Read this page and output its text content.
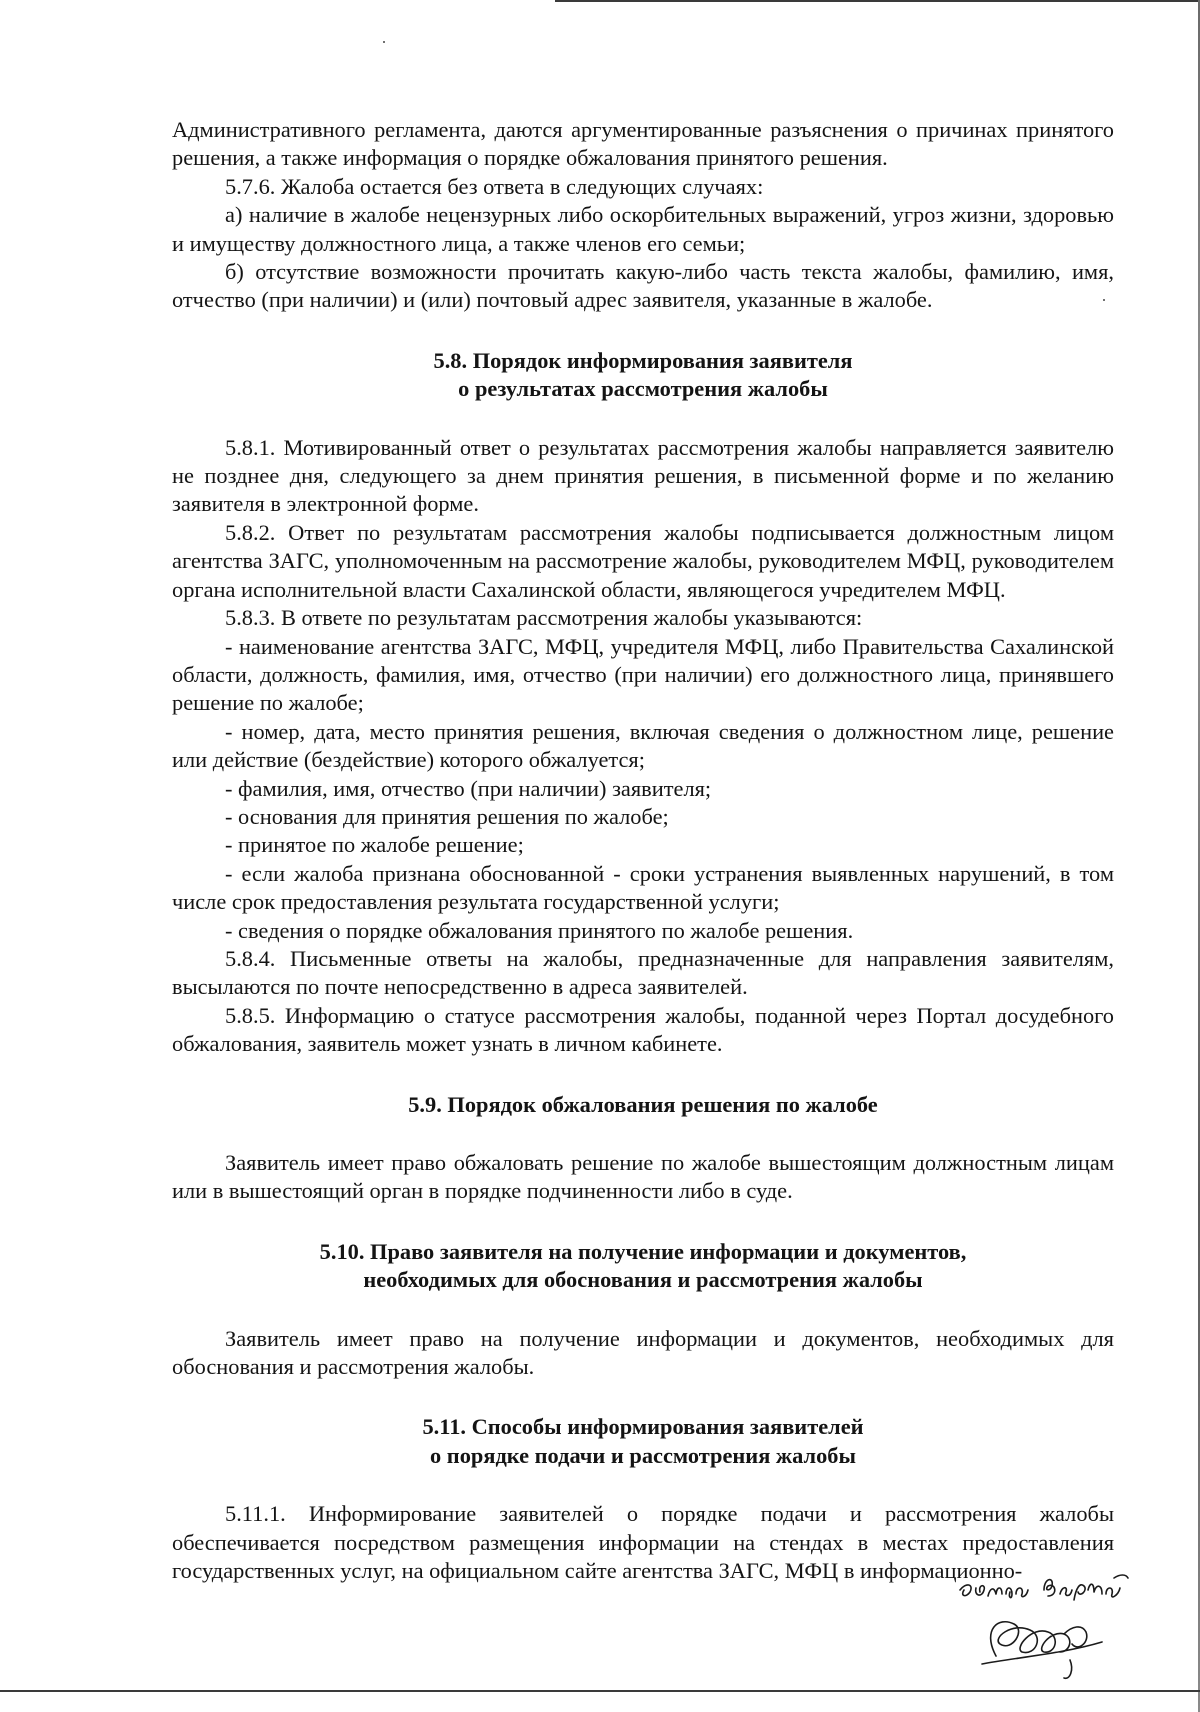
Административного регламента, даются аргументированные разъяснения о причинах принятого решения, а также информация о порядке обжалования принятого решения.

5.7.6. Жалоба остается без ответа в следующих случаях:

а) наличие в жалобе нецензурных либо оскорбительных выражений, угроз жизни, здоровью и имуществу должностного лица, а также членов его семьи;

б) отсутствие возможности прочитать какую-либо часть текста жалобы, фамилию, имя, отчество (при наличии) и (или) почтовый адрес заявителя, указанные в жалобе.

5.8. Порядок информирования заявителя
о результатах рассмотрения жалобы

5.8.1. Мотивированный ответ о результатах рассмотрения жалобы направляется заявителю не позднее дня, следующего за днем принятия решения, в письменной форме и по желанию заявителя в электронной форме.

5.8.2. Ответ по результатам рассмотрения жалобы подписывается должностным лицом агентства ЗАГС, уполномоченным на рассмотрение жалобы, руководителем МФЦ, руководителем органа исполнительной власти Сахалинской области, являющегося учредителем МФЦ.

5.8.3. В ответе по результатам рассмотрения жалобы указываются:

- наименование агентства ЗАГС, МФЦ, учредителя МФЦ, либо Правительства Сахалинской области, должность, фамилия, имя, отчество (при наличии) его должностного лица, принявшего решение по жалобе;

- номер, дата, место принятия решения, включая сведения о должностном лице, решение или действие (бездействие) которого обжалуется;

- фамилия, имя, отчество (при наличии) заявителя;

- основания для принятия решения по жалобе;

- принятое по жалобе решение;

- если жалоба признана обоснованной - сроки устранения выявленных нарушений, в том числе срок предоставления результата государственной услуги;

- сведения о порядке обжалования принятого по жалобе решения.

5.8.4. Письменные ответы на жалобы, предназначенные для направления заявителям, высылаются по почте непосредственно в адреса заявителей.

5.8.5. Информацию о статусе рассмотрения жалобы, поданной через Портал досудебного обжалования, заявитель может узнать в личном кабинете.

5.9. Порядок обжалования решения по жалобе

Заявитель имеет право обжаловать решение по жалобе вышестоящим должностным лицам или в вышестоящий орган в порядке подчиненности либо в суде.

5.10. Право заявителя на получение информации и документов,
необходимых для обоснования и рассмотрения жалобы

Заявитель имеет право на получение информации и документов, необходимых для обоснования и рассмотрения жалобы.

5.11. Способы информирования заявителей
о порядке подачи и рассмотрения жалобы

5.11.1. Информирование заявителей о порядке подачи и рассмотрения жалобы обеспечивается посредством размещения информации на стендах в местах предоставления государственных услуг, на официальном сайте агентства ЗАГС, МФЦ в информационно-
